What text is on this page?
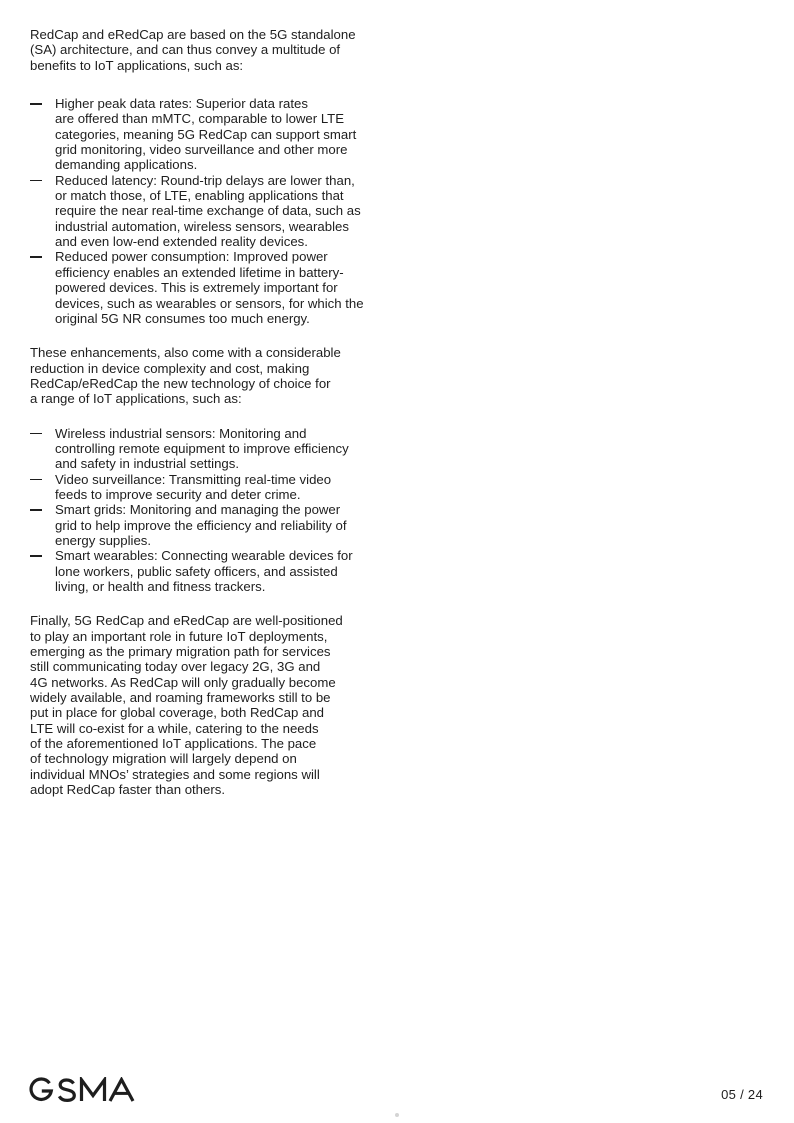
RedCap and eRedCap are based on the 5G standalone
(SA) architecture, and can thus convey a multitude of
benefits to IoT applications, such as:

Higher peak data rates: Superior data rates
are offered than mMTC, comparable to lower LTE
categories, meaning 5G RedCap can support smart
grid monitoring, video surveillance and other more
demanding applications.
Reduced latency: Round-trip delays are lower than,
or match those, of LTE, enabling applications that
require the near real-time exchange of data, such as
industrial automation, wireless sensors, wearables
and even low-end extended reality devices.
Reduced power consumption: Improved power
efficiency enables an extended lifetime in battery-
powered devices. This is extremely important for
devices, such as wearables or sensors, for which the
original 5G NR consumes too much energy.

These enhancements, also come with a considerable
reduction in device complexity and cost, making
RedCap/eRedCap the new technology of choice for
a range of IoT applications, such as:

Wireless industrial sensors: Monitoring and
controlling remote equipment to improve efficiency
and safety in industrial settings.
Video surveillance: Transmitting real-time video
feeds to improve security and deter crime.
Smart grids: Monitoring and managing the power
grid to help improve the efficiency and reliability of
energy supplies.
Smart wearables: Connecting wearable devices for
lone workers, public safety officers, and assisted
living, or health and fitness trackers.

Finally, 5G RedCap and eRedCap are well-positioned
to play an important role in future IoT deployments,
emerging as the primary migration path for services
still communicating today over legacy 2G, 3G and
4G networks. As RedCap will only gradually become
widely available, and roaming frameworks still to be
put in place for global coverage, both RedCap and
LTE will co-exist for a while, catering to the needs
of the aforementioned IoT applications. The pace
of technology migration will largely depend on
individual MNOs’ strategies and some regions will
adopt RedCap faster than others.

05 / 24
